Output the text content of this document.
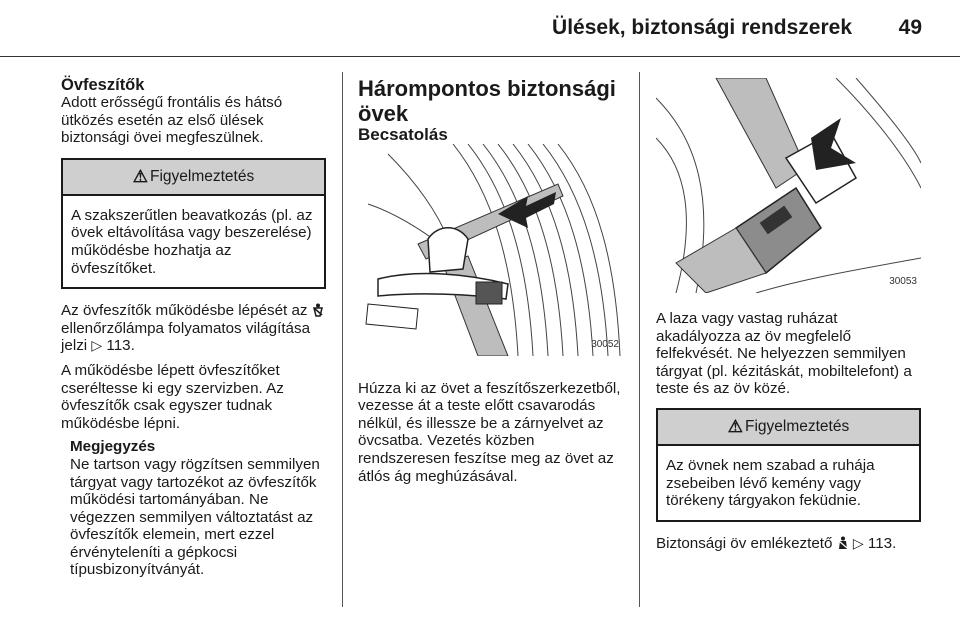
Ülések, biztonsági rendszerek 49

Övfeszítők

Adott erősségű frontális és hátsó ütközés esetén az első ülések biztonsági övei megfeszülnek.

⚠ Figyelmeztetés
A szakszerűtlen beavatkozás (pl. az övek eltávolítása vagy beszerelése) működésbe hozhatja az övfeszítőket.

Az övfeszítők működésbe lépését az  ellenőrzőlámpa folyamatos világítása jelzi ▷ 113.

A működésbe lépett övfeszítőket cseréltesse ki egy szervizben. Az övfeszítők csak egyszer tudnak működésbe lépni.

Megjegyzés

Ne tartson vagy rögzítsen semmilyen tárgyat vagy tartozékot az övfeszítők működési tartományában. Ne végezzen semmilyen változtatást az övfeszítők elemein, mert ezzel érvényteleníti a gépkocsi típusbizonyítványát.

Hárompontos biztonsági övek

Becsatolás

30052

Húzza ki az övet a feszítőszerkezetből, vezesse át a teste előtt csavarodás nélkül, és illessze be a zárnyelvet az övcsatba. Vezetés közben rendszeresen feszítse meg az övet az átlós ág meghúzásával.

30053

A laza vagy vastag ruházat akadályozza az öv megfelelő felfekvését. Ne helyezzen semmilyen tárgyat (pl. kézitáskát, mobiltelefont) a teste és az öv közé.

⚠ Figyelmeztetés
Az övnek nem szabad a ruhája zsebeiben lévő kemény vagy törékeny tárgyakon feküdnie.

Biztonsági öv emlékeztető  ▷ 113.
